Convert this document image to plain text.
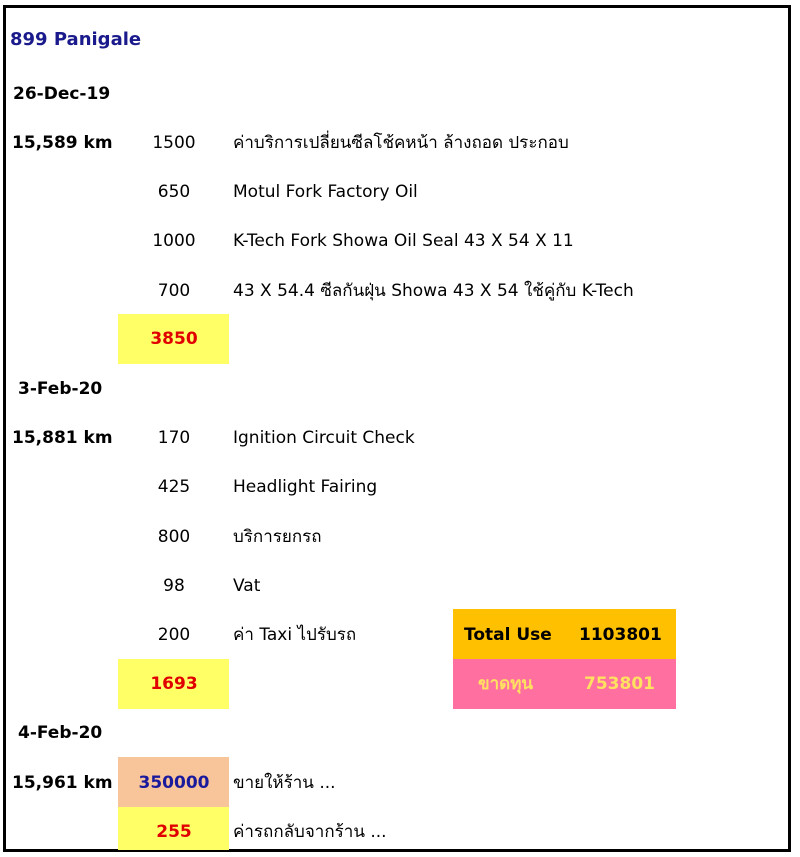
899 Panigale
26-Dec-19
15,589 km	1500	ค่าบริการเปลี่ยนซีลโช้คหน้า ล้างถอด ประกอบ
650	Motul Fork Factory Oil
1000	K-Tech Fork Showa Oil Seal 43 X 54 X 11
700	43 X 54.4 ซีลกันฝุ่น Showa 43 X 54 ใช้คู่กับ K-Tech
3850
3-Feb-20
15,881 km	170	Ignition Circuit Check
425	Headlight Fairing
800	บริการยกรถ
98	Vat
200	ค่า Taxi ไปรับรถ
1693
Total Use 1103801
ขาดทุน	753801
4-Feb-20
15,961 km	350000	ขายให้ร้าน ...
255	ค่ารถกลับจากร้าน ...
